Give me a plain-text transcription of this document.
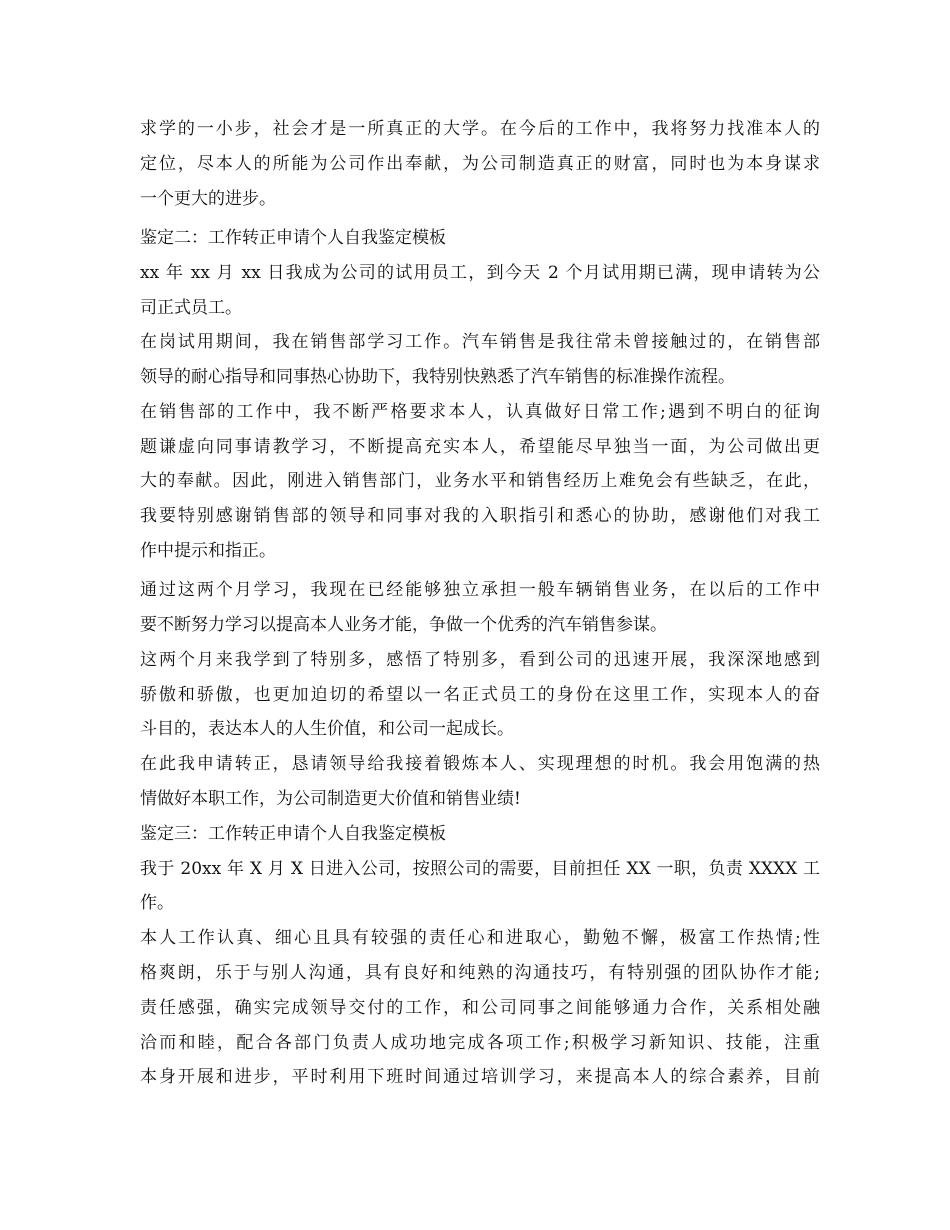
求学的一小步，社会才是一所真正的大学。在今后的工作中，我将努力找准本人的
定位，尽本人的所能为公司作出奉献，为公司制造真正的财富，同时也为本身谋求
一个更大的进步。
鉴定二：工作转正申请个人自我鉴定模板
xx 年 xx 月 xx 日我成为公司的试用员工，到今天 2 个月试用期已满，现申请转为公
司正式员工。
在岗试用期间，我在销售部学习工作。汽车销售是我往常未曾接触过的，在销售部
领导的耐心指导和同事热心协助下，我特别快熟悉了汽车销售的标准操作流程。
在销售部的工作中，我不断严格要求本人，认真做好日常工作;遇到不明白的征询
题谦虚向同事请教学习，不断提高充实本人，希望能尽早独当一面，为公司做出更
大的奉献。因此，刚进入销售部门，业务水平和销售经历上难免会有些缺乏，在此，
我要特别感谢销售部的领导和同事对我的入职指引和悉心的协助，感谢他们对我工
作中提示和指正。
通过这两个月学习，我现在已经能够独立承担一般车辆销售业务，在以后的工作中
要不断努力学习以提高本人业务才能，争做一个优秀的汽车销售参谋。
这两个月来我学到了特别多，感悟了特别多，看到公司的迅速开展，我深深地感到
骄傲和骄傲，也更加迫切的希望以一名正式员工的身份在这里工作，实现本人的奋
斗目的，表达本人的人生价值，和公司一起成长。
在此我申请转正，恳请领导给我接着锻炼本人、实现理想的时机。我会用饱满的热
情做好本职工作，为公司制造更大价值和销售业绩!
鉴定三：工作转正申请个人自我鉴定模板
我于 20xx 年 X 月 X 日进入公司，按照公司的需要，目前担任 XX 一职，负责 XXXX 工
作。
本人工作认真、细心且具有较强的责任心和进取心，勤勉不懈，极富工作热情;性
格爽朗，乐于与别人沟通，具有良好和纯熟的沟通技巧，有特别强的团队协作才能;
责任感强，确实完成领导交付的工作，和公司同事之间能够通力合作，关系相处融
洽而和睦，配合各部门负责人成功地完成各项工作;积极学习新知识、技能，注重
本身开展和进步，平时利用下班时间通过培训学习，来提高本人的综合素养，目前
